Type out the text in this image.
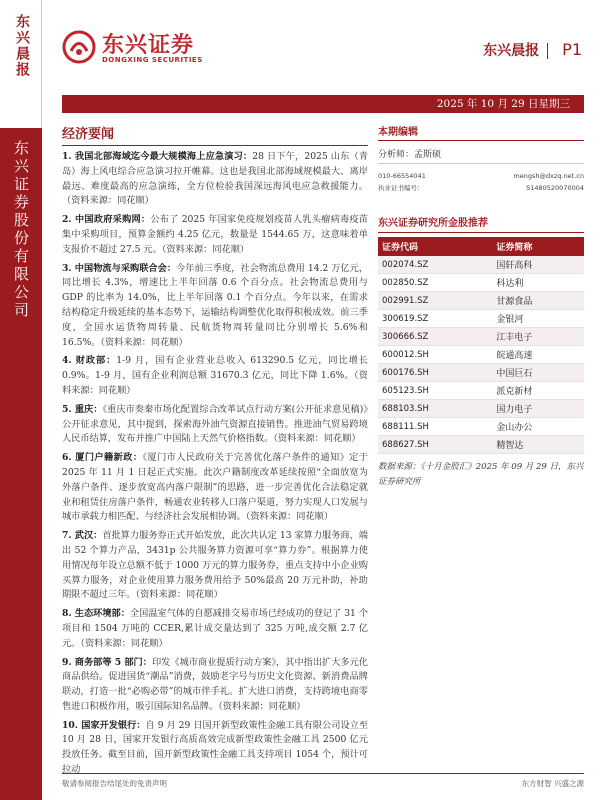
东兴晨报
东兴证券股份有限公司
东兴证券
DONGXING SECURITIES
东兴晨报 P1
2025 年 10 月 29 日星期三
经济要闻
1. 我国北部海域迄今最大规模海上应急演习：28 日下午，2025 山东（青岛）海上风电综合应急演习拉开帷幕。这也是我国北部海域规模最大、离岸最远、难度最高的应急演练，全方位检验我国深远海风电应急救援能力。（资料来源：同花顺）
2. 中国政府采购网：公布了 2025 年国家免疫规划疫苗人乳头瘤病毒疫苗集中采购项目，预算金额约 4.25 亿元，数量是 1544.65 万，这意味着单支报价不超过 27.5 元。（资料来源：同花顺）
3. 中国物流与采购联合会：今年前三季度，社会物流总费用 14.2 万亿元，同比增长 4.3%，增速比上半年回落 0.6 个百分点。社会物流总费用与 GDP 的比率为 14.0%，比上半年回落 0.1 个百分点。今年以来，在需求结构稳定升级延续的基本态势下，运输结构调整优化取得积极成效。前三季度，全国水运货物周转量、民航货物周转量同比分别增长 5.6%和 16.5%。（资料来源：同花顺）
4. 财政部：1-9 月，国有企业营业总收入 613290.5 亿元，同比增长 0.9%。1-9 月，国有企业利润总额 31670.3 亿元，同比下降 1.6%。（资料来源：同花顺）
5. 重庆：《重庆市奏秦市场化配置综合改革试点行动方案(公开征求意见稿)》公开征求意见，其中提到，探索海外油气资源直接销售。推进油气贸易跨境人民币结算，发布并推广中国陆上天然气价格指数。（资料来源：同花顺）
6. 厦门户籍新政：《厦门市人民政府关于完善优化落户条件的通知》定于 2025 年 11 月 1 日起正式实施。此次户籍制度改革延续按照“全面放宽为外落户条件、逐步放宽高内落户限制”的思路，进一步完善优化合法稳定就业和租赁住房落户条件，畅通农业转移人口落户渠道，努力实现人口发展与城市承载力相匹配、与经济社会发展相协调。（资料来源：同花顺）
7. 武汉：首批算力服务券正式开始发放，此次共认定 13 家算力服务商，端出 52 个算力产品，3431p 公共服务算力资源可享“算力券”。根据算力使用情况每年设立总额不低于 1000 万元的算力服务券，重点支持中小企业购买算力服务，对企业使用算力服务费用给予 50%最高 20 万元补助，补助期限不超过三年。（资料来源：同花顺）
8. 生态环境部：全国温室气体的自愿减排交易市场已经成功的登记了 31 个项目和 1504 万吨的 CCER,累计成交量达到了 325 万吨,成交额 2.7 亿元。（资料来源：同花顺）
9. 商务部等 5 部门：印发《城市商业提质行动方案》，其中指出扩大多元化商品供给。促进国货“潮品”消费，鼓励老字号与历史文化资源、新消费品牌联动，打造一批“必购必带”的城市伴手礼。扩大进口消费，支持跨境电商零售进口积极作用，吸引国际知名品牌。（资料来源：同花顺）
10. 国家开发银行：自 9 月 29 日国开新型政策性金融工具有限公司设立至 10 月 28 日，国家开发银行高质高效完成新型政策性金融工具 2500 亿元投放任务。截至目前，国开新型政策性金融工具支持项目 1054 个，预计可拉动
本期编辑
分析师：孟斯硕
010-66554041	mengsh@dxzq.net.cn
执业证书编号：	S1480520070004
东兴证券研究所金股推荐
证券代码	证券简称
002074.SZ	国轩高科
002850.SZ	科达利
002991.SZ	甘源食品
300619.SZ	金银河
300666.SZ	江丰电子
600012.SH	皖通高速
600176.SH	中国巨石
605123.SH	派克新材
688103.SH	国力电子
688111.SH	金山办公
688627.SH	精智达
数据来源：《十月金股汇》2025 年 09 月 29 日，东兴证券研究所
敬请参阅报告结尾处的免责声明	东方财智 兴盛之源
